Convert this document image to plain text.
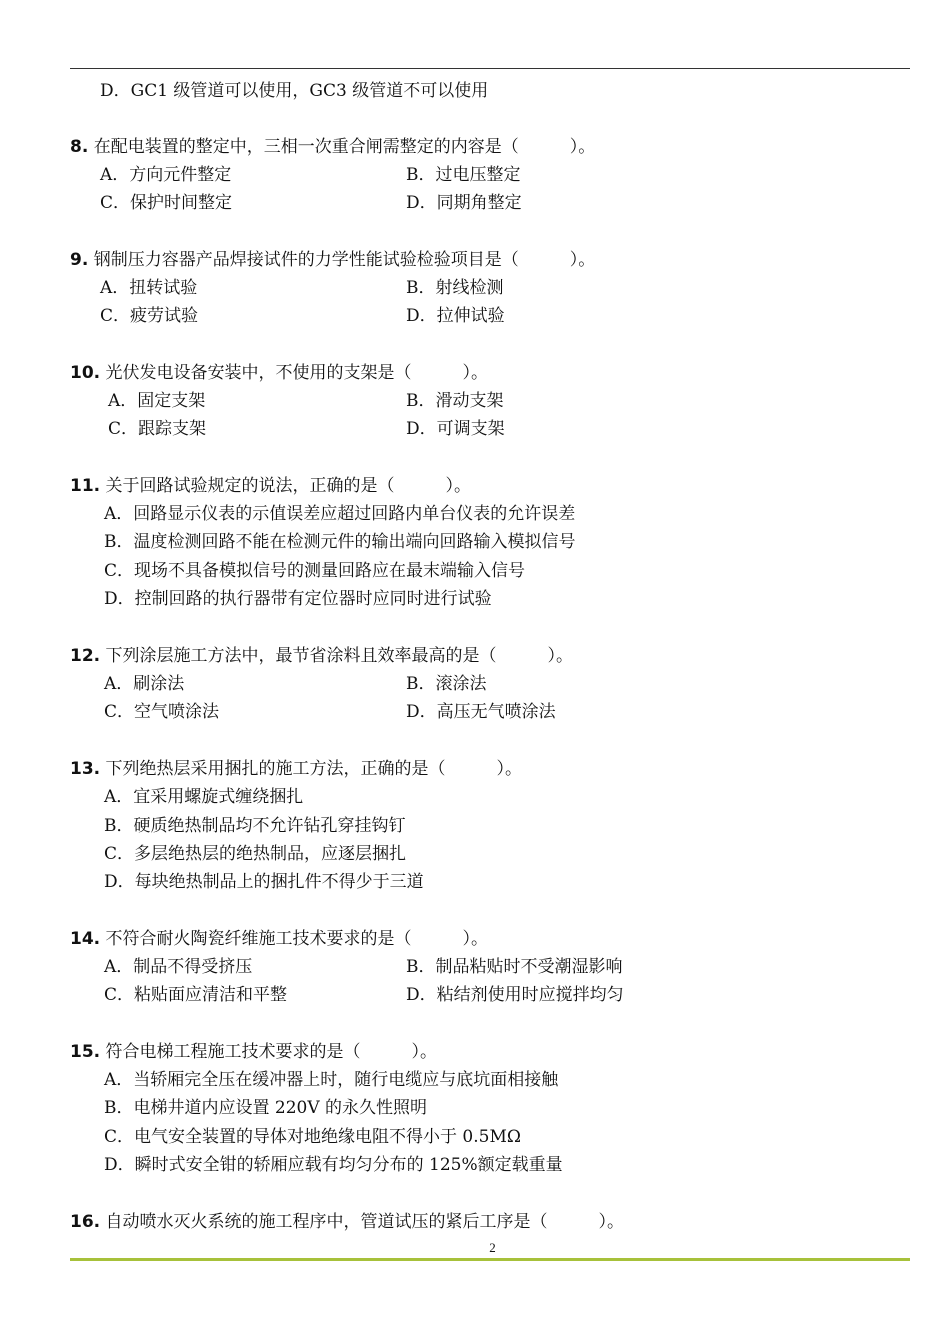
D．GC1 级管道可以使用，GC3 级管道不可以使用
8. 在配电装置的整定中，三相一次重合闸需整定的内容是（　　　）。
A．方向元件整定	B．过电压整定
C．保护时间整定	D．同期角整定
9. 钢制压力容器产品焊接试件的力学性能试验检验项目是（　　　）。
A．扭转试验	B．射线检测
C．疲劳试验	D．拉伸试验
10. 光伏发电设备安装中，不使用的支架是（　　　）。
A．固定支架	B．滑动支架
C．跟踪支架	D．可调支架
11. 关于回路试验规定的说法，正确的是（　　　）。
A．回路显示仪表的示值误差应超过回路内单台仪表的允许误差
B．温度检测回路不能在检测元件的输出端向回路输入模拟信号
C．现场不具备模拟信号的测量回路应在最末端输入信号
D．控制回路的执行器带有定位器时应同时进行试验
12. 下列涂层施工方法中，最节省涂料且效率最高的是（　　　）。
A．刷涂法	B．滚涂法
C．空气喷涂法	D．高压无气喷涂法
13. 下列绝热层采用捆扎的施工方法，正确的是（　　　）。
A．宜采用螺旋式缠绕捆扎
B．硬质绝热制品均不允许钻孔穿挂钩钉
C．多层绝热层的绝热制品，应逐层捆扎
D．每块绝热制品上的捆扎件不得少于三道
14. 不符合耐火陶瓷纤维施工技术要求的是（　　　）。
A．制品不得受挤压	B．制品粘贴时不受潮湿影响
C．粘贴面应清洁和平整	D．粘结剂使用时应搅拌均匀
15. 符合电梯工程施工技术要求的是（　　　）。
A．当轿厢完全压在缓冲器上时，随行电缆应与底坑面相接触
B．电梯井道内应设置 220V 的永久性照明
C．电气安全装置的导体对地绝缘电阻不得小于 0.5MΩ
D．瞬时式安全钳的轿厢应载有均匀分布的 125%额定载重量
16. 自动喷水灭火系统的施工程序中，管道试压的紧后工序是（　　　）。
2
